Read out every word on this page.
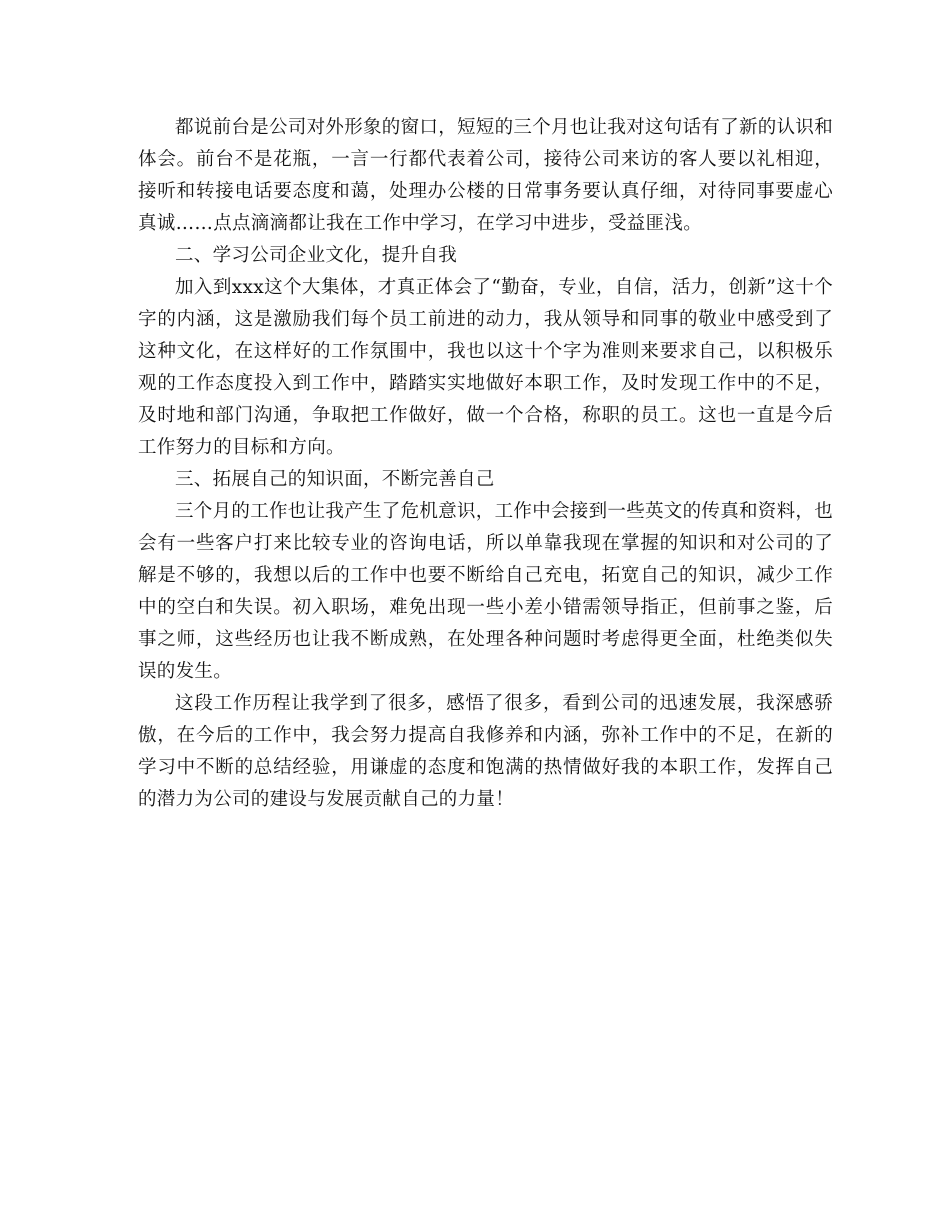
都说前台是公司对外形象的窗口，短短的三个月也让我对这句话有了新的认识和体会。前台不是花瓶，一言一行都代表着公司，接待公司来访的客人要以礼相迎，接听和转接电话要态度和蔼，处理办公楼的日常事务要认真仔细，对待同事要虚心真诚……点点滴滴都让我在工作中学习，在学习中进步，受益匪浅。

二、学习公司企业文化，提升自我

加入到xxx这个大集体，才真正体会了“勤奋，专业，自信，活力，创新”这十个字的内涵，这是激励我们每个员工前进的动力，我从领导和同事的敬业中感受到了这种文化，在这样好的工作氛围中，我也以这十个字为准则来要求自己，以积极乐观的工作态度投入到工作中，踏踏实实地做好本职工作，及时发现工作中的不足，及时地和部门沟通，争取把工作做好，做一个合格，称职的员工。这也一直是今后工作努力的目标和方向。

三、拓展自己的知识面，不断完善自己

三个月的工作也让我产生了危机意识，工作中会接到一些英文的传真和资料，也会有一些客户打来比较专业的咨询电话，所以单靠我现在掌握的知识和对公司的了解是不够的，我想以后的工作中也要不断给自己充电，拓宽自己的知识，减少工作中的空白和失误。初入职场，难免出现一些小差小错需领导指正，但前事之鉴，后事之师，这些经历也让我不断成熟，在处理各种问题时考虑得更全面，杜绝类似失误的发生。

这段工作历程让我学到了很多，感悟了很多，看到公司的迅速发展，我深感骄傲，在今后的工作中，我会努力提高自我修养和内涵，弥补工作中的不足，在新的学习中不断的总结经验，用谦虚的态度和饱满的热情做好我的本职工作，发挥自己的潜力为公司的建设与发展贡献自己的力量！
